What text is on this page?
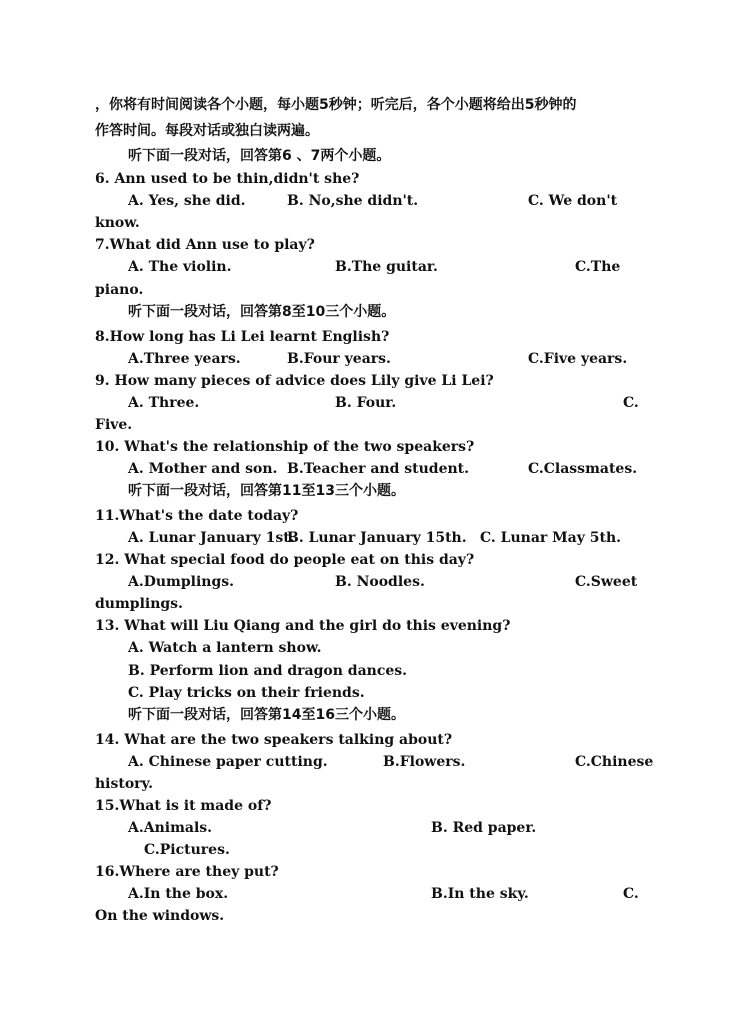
，你将有时间阅读各个小题，每小题5秒钟；听完后，各个小题将给出5秒钟的
作答时间。每段对话或独白读两遍。
听下面一段对话，回答第6 、7两个小题。
6. Ann used to be thin,didn't she?
A. Yes, she did.	B. No,she didn't.	C. We don't
know.
7.What did Ann use to play?
A. The violin.	B.The guitar.	C.The
piano.
听下面一段对话，回答第8至10三个小题。
8.How long has Li Lei learnt English?
A.Three years.	B.Four years.	C.Five years.
9. How many pieces of advice does Lily give Li Lei?
A. Three.	B. Four.	C.
Five.
10. What's the relationship of the two speakers?
A. Mother and son. B.Teacher and student.	C.Classmates.
听下面一段对话，回答第11至13三个小题。
11.What's the date today?
A. Lunar January 1st.
B. Lunar January 15th. C. Lunar May 5th.
12. What special food do people eat on this day?
A.Dumplings.	B. Noodles.	C.Sweet
dumplings.
13. What will Liu Qiang and the girl do this evening?
A. Watch a lantern show.
B. Perform lion and dragon dances.
C. Play tricks on their friends.
听下面一段对话，回答第14至16三个小题。
14. What are the two speakers talking about?
A. Chinese paper cutting.	B.Flowers.	C.Chinese
history.
15.What is it made of?
A.Animals.	B. Red paper.
C.Pictures.
16.Where are they put?
A.In the box.	B.In the sky.	C.
On the windows.
